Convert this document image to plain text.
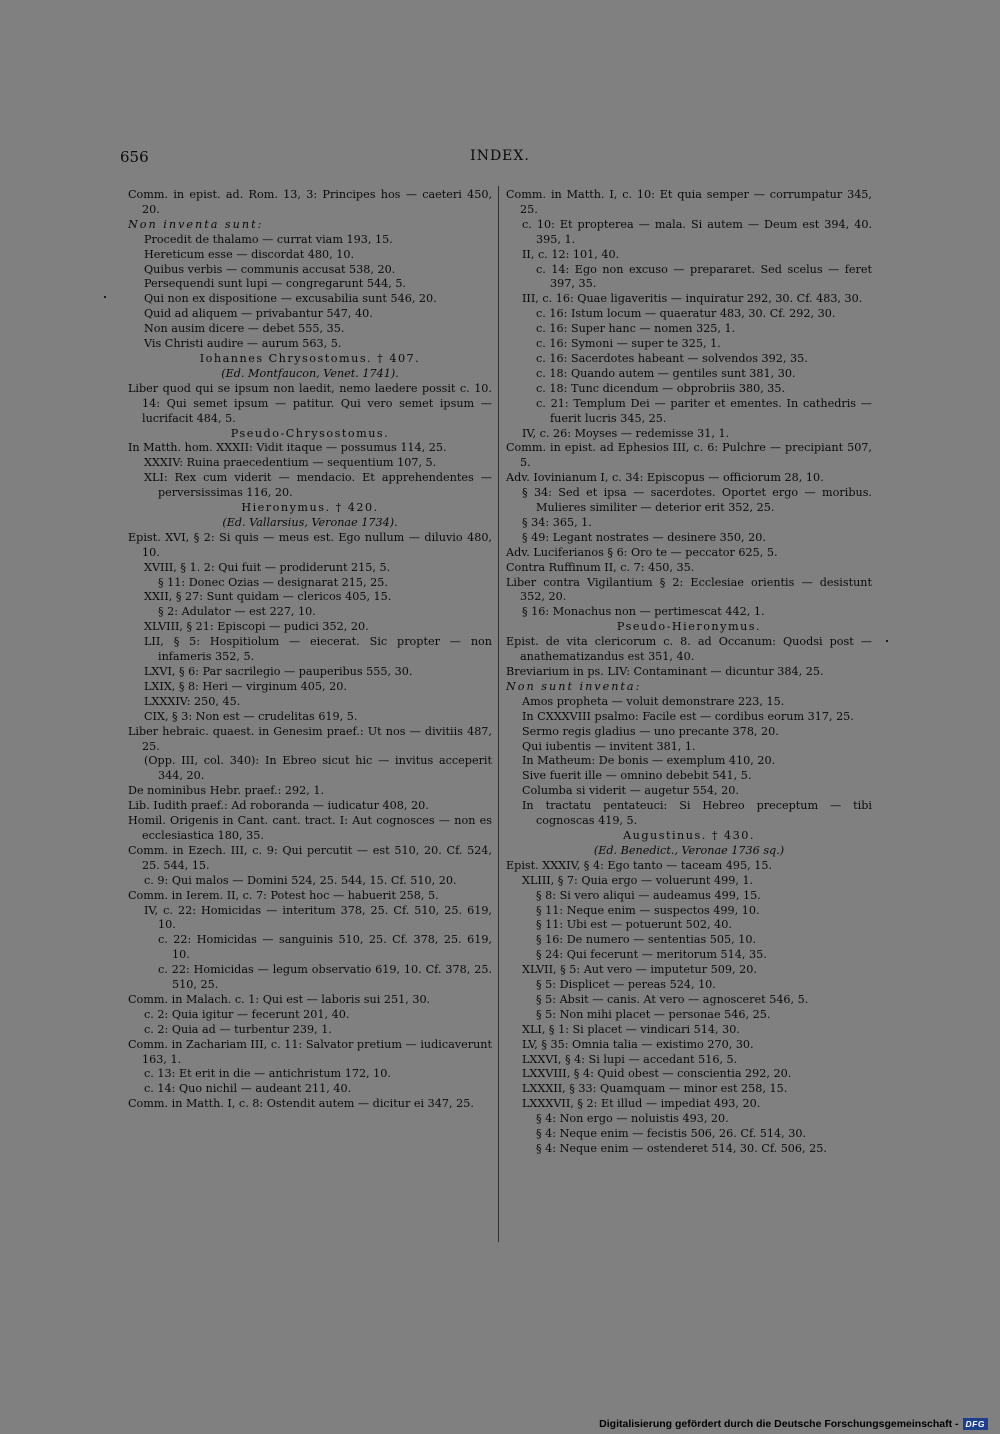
656	INDEX.

Comm. in epist. ad. Rom. 13, 3: Principes hos — caeteri 450, 20.

Non inventa sunt:

Procedit de thalamo — currat viam 193, 15.

Hereticum esse — discordat 480, 10.

Quibus verbis — communis accusat 538, 20.

Persequendi sunt lupi — congregarunt 544, 5.

Qui non ex dispositione — excusabilia sunt 546, 20.

Quid ad aliquem — privabantur 547, 40.

Non ausim dicere — debet 555, 35.

Vis Christi audire — aurum 563, 5.

Iohannes Chrysostomus. † 407.

(Ed. Montfaucon, Venet. 1741).

Liber quod qui se ipsum non laedit, nemo laedere possit c. 10. 14: Qui semet ipsum — patitur. Qui vero semet ipsum — lucrifacit 484, 5.

Pseudo-Chrysostomus.

In Matth. hom. XXXII: Vidit itaque — possumus 114, 25.

XXXIV: Ruina praecedentium — sequentium 107, 5.

XLI: Rex cum viderit — mendacio. Et apprehendentes — perversissimas 116, 20.

Hieronymus. † 420.

(Ed. Vallarsius, Veronae 1734).

Epist. XVI, § 2: Si quis — meus est. Ego nullum — diluvio 480, 10.

XVIII, § 1. 2: Qui fuit — prodiderunt 215, 5.

§ 11: Donec Ozias — designarat 215, 25.

XXII, § 27: Sunt quidam — clericos 405, 15.

§ 2: Adulator — est 227, 10.

XLVIII, § 21: Episcopi — pudici 352, 20.

LII, § 5: Hospitiolum — eiecerat. Sic propter — non infameris 352, 5.

LXVI, § 6: Par sacrilegio — pauperibus 555, 30.

LXIX, § 8: Heri — virginum 405, 20.

LXXXIV: 250, 45.

CIX, § 3: Non est — crudelitas 619, 5.

Liber hebraic. quaest. in Genesim praef.: Ut nos — divitiis 487, 25.

(Opp. III, col. 340): In Ebreo sicut hic — invitus acceperit 344, 20.

De nominibus Hebr. praef.: 292, 1.

Lib. Iudith praef.: Ad roboranda — iudicatur 408, 20.

Homil. Origenis in Cant. cant. tract. I: Aut cognosces — non es ecclesiastica 180, 35.

Comm. in Ezech. III, c. 9: Qui percutit — est 510, 20. Cf. 524, 25. 544, 15.

c. 9: Qui malos — Domini 524, 25. 544, 15. Cf. 510, 20.

Comm. in Ierem. II, c. 7: Potest hoc — habuerit 258, 5.

IV, c. 22: Homicidas — interitum 378, 25. Cf. 510, 25. 619, 10.

c. 22: Homicidas — sanguinis 510, 25. Cf. 378, 25. 619, 10.

c. 22: Homicidas — legum observatio 619, 10. Cf. 378, 25. 510, 25.

Comm. in Malach. c. 1: Qui est — laboris sui 251, 30.

c. 2: Quia igitur — fecerunt 201, 40.

c. 2: Quia ad — turbentur 239, 1.

Comm. in Zachariam III, c. 11: Salvator pretium — iudicaverunt 163, 1.

c. 13: Et erit in die — antichristum 172, 10.

c. 14: Quo nichil — audeant 211, 40.

Comm. in Matth. I, c. 8: Ostendit autem — dicitur ei 347, 25.

Comm. in Matth. I, c. 10: Et quia semper — corrumpatur 345, 25.

c. 10: Et propterea — mala. Si autem — Deum est 394, 40. 395, 1.

II, c. 12: 101, 40.

c. 14: Ego non excuso — prepararet. Sed scelus — feret 397, 35.

III, c. 16: Quae ligaveritis — inquiratur 292, 30. Cf. 483, 30.

c. 16: Istum locum — quaeratur 483, 30. Cf. 292, 30.

c. 16: Super hanc — nomen 325, 1.

c. 16: Symoni — super te 325, 1.

c. 16: Sacerdotes habeant — solvendos 392, 35.

c. 18: Quando autem — gentiles sunt 381, 30.

c. 18: Tunc dicendum — obprobriis 380, 35.

c. 21: Templum Dei — pariter et ementes. In cathedris — fuerit lucris 345, 25.

IV, c. 26: Moyses — redemisse 31, 1.

Comm. in epist. ad Ephesios III, c. 6: Pulchre — precipiant 507, 5.

Adv. Iovinianum I, c. 34: Episcopus — officiorum 28, 10.

§ 34: Sed et ipsa — sacerdotes. Oportet ergo — moribus. Mulieres similiter — deterior erit 352, 25.

§ 34: 365, 1.

§ 49: Legant nostrates — desinere 350, 20.

Adv. Luciferianos § 6: Oro te — peccator 625, 5.

Contra Ruffinum II, c. 7: 450, 35.

Liber contra Vigilantium § 2: Ecclesiae orientis — desistunt 352, 20.

§ 16: Monachus non — pertimescat 442, 1.

Pseudo-Hieronymus.

Epist. de vita clericorum c. 8. ad Occanum: Quodsi post — anathematizandus est 351, 40.

Breviarium in ps. LIV: Contaminant — dicuntur 384, 25.

Non sunt inventa:

Amos propheta — voluit demonstrare 223, 15.

In CXXXVIII psalmo: Facile est — cordibus eorum 317, 25.

Sermo regis gladius — uno precante 378, 20.

Qui iubentis — invitent 381, 1.

In Matheum: De bonis — exemplum 410, 20.

Sive fuerit ille — omnino debebit 541, 5.

Columba si viderit — augetur 554, 20.

In tractatu pentateuci: Si Hebreo preceptum — tibi cognoscas 419, 5.

Augustinus. † 430.

(Ed. Benedict., Veronae 1736 sq.)

Epist. XXXIV, § 4: Ego tanto — taceam 495, 15.

XLIII, § 7: Quia ergo — voluerunt 499, 1.

§ 8: Si vero aliqui — audeamus 499, 15.

§ 11: Neque enim — suspectos 499, 10.

§ 11: Ubi est — potuerunt 502, 40.

§ 16: De numero — sententias 505, 10.

§ 24: Qui fecerunt — meritorum 514, 35.

XLVII, § 5: Aut vero — imputetur 509, 20.

§ 5: Displicet — pereas 524, 10.

§ 5: Absit — canis. At vero — agnosceret 546, 5.

§ 5: Non mihi placet — personae 546, 25.

XLI, § 1: Si placet — vindicari 514, 30.

LV, § 35: Omnia talia — existimo 270, 30.

LXXVI, § 4: Si lupi — accedant 516, 5.

LXXVIII, § 4: Quid obest — conscientia 292, 20.

LXXXII, § 33: Quamquam — minor est 258, 15.

LXXXVII, § 2: Et illud — impediat 493, 20.

§ 4: Non ergo — noluistis 493, 20.

§ 4: Neque enim — fecistis 506, 26. Cf. 514, 30.

§ 4: Neque enim — ostenderet 514, 30. Cf. 506, 25.

Digitalisierung gefördert durch die Deutsche Forschungsgemeinschaft - DFG
